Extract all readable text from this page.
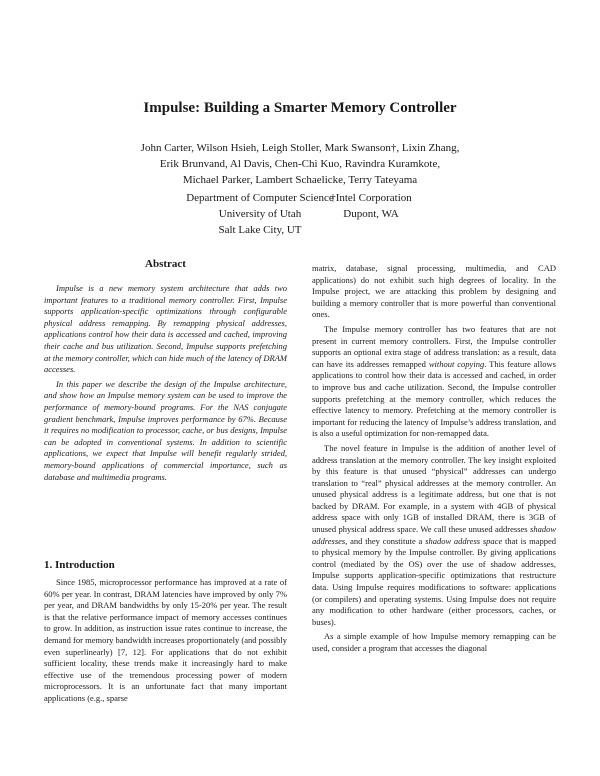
Impulse: Building a Smarter Memory Controller
John Carter, Wilson Hsieh, Leigh Stoller, Mark Swanson†, Lixin Zhang,
Erik Brunvand, Al Davis, Chen-Chi Kuo, Ravindra Kuramkote,
Michael Parker, Lambert Schaelicke, Terry Tateyama
Department of Computer Science
University of Utah
Salt Lake City, UT
†Intel Corporation
Dupont, WA
Abstract

Impulse is a new memory system architecture that adds two important features to a traditional memory controller. First, Impulse supports application-specific optimizations through configurable physical address remapping. By remapping physical addresses, applications control how their data is accessed and cached, improving their cache and bus utilization. Second, Impulse supports prefetching at the memory controller, which can hide much of the latency of DRAM accesses.

In this paper we describe the design of the Impulse architecture, and show how an Impulse memory system can be used to improve the performance of memory-bound programs. For the NAS conjugate gradient benchmark, Impulse improves performance by 67%. Because it requires no modification to processor, cache, or bus designs, Impulse can be adopted in conventional systems. In addition to scientific applications, we expect that Impulse will benefit regularly strided, memory-bound applications of commercial importance, such as database and multimedia programs.

1. Introduction

Since 1985, microprocessor performance has improved at a rate of 60% per year. In contrast, DRAM latencies have improved by only 7% per year, and DRAM bandwidths by only 15-20% per year. The result is that the relative performance impact of memory accesses continues to grow. In addition, as instruction issue rates continue to increase, the demand for memory bandwidth increases proportionately (and possibly even superlinearly) [7, 12]. For applications that do not exhibit sufficient locality, these trends make it increasingly hard to make effective use of the tremendous processing power of modern microprocessors. It is an unfortunate fact that many important applications (e.g., sparse

matrix, database, signal processing, multimedia, and CAD applications) do not exhibit such high degrees of locality. In the Impulse project, we are attacking this problem by designing and building a memory controller that is more powerful than conventional ones.

The Impulse memory controller has two features that are not present in current memory controllers. First, the Impulse controller supports an optional extra stage of address translation: as a result, data can have its addresses remapped without copying. This feature allows applications to control how their data is accessed and cached, in order to improve bus and cache utilization. Second, the Impulse controller supports prefetching at the memory controller, which reduces the effective latency to memory. Prefetching at the memory controller is important for reducing the latency of Impulse’s address translation, and is also a useful optimization for non-remapped data.

The novel feature in Impulse is the addition of another level of address translation at the memory controller. The key insight exploited by this feature is that unused “physical” addresses can undergo translation to “real” physical addresses at the memory controller. An unused physical address is a legitimate address, but one that is not backed by DRAM. For example, in a system with 4GB of physical address space with only 1GB of installed DRAM, there is 3GB of unused physical address space. We call these unused addresses shadow addresses, and they constitute a shadow address space that is mapped to physical memory by the Impulse controller. By giving applications control (mediated by the OS) over the use of shadow addresses, Impulse supports application-specific optimizations that restructure data. Using Impulse requires modifications to software: applications (or compilers) and operating systems. Using Impulse does not require any modification to other hardware (either processors, caches, or buses).

As a simple example of how Impulse memory remapping can be used, consider a program that accesses the diagonal
